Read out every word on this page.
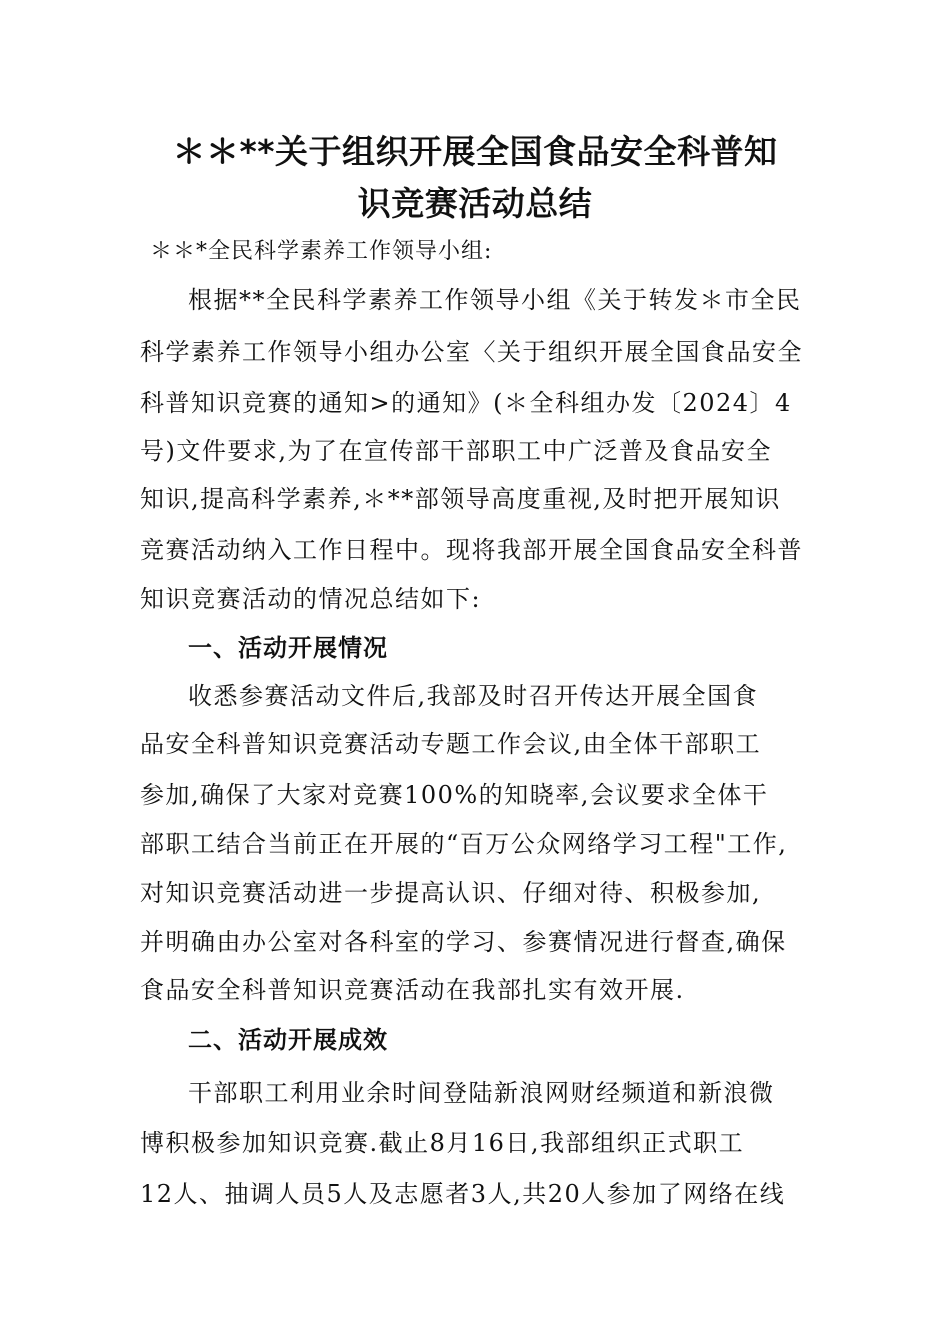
＊＊**关于组织开展全国食品安全科普知
识竞赛活动总结
＊＊*全民科学素养工作领导小组:
根据**全民科学素养工作领导小组《关于转发＊市全民
科学素养工作领导小组办公室〈关于组织开展全国食品安全
科普知识竞赛的通知>的通知》(＊全科组办发〔2024〕4
号)文件要求,为了在宣传部干部职工中广泛普及食品安全
知识,提高科学素养,＊**部领导高度重视,及时把开展知识
竞赛活动纳入工作日程中。现将我部开展全国食品安全科普
知识竞赛活动的情况总结如下:
一、活动开展情况
收悉参赛活动文件后,我部及时召开传达开展全国食
品安全科普知识竞赛活动专题工作会议,由全体干部职工
参加,确保了大家对竞赛100%的知晓率,会议要求全体干
部职工结合当前正在开展的“百万公众网络学习工程"工作,
对知识竞赛活动进一步提高认识、仔细对待、积极参加,
并明确由办公室对各科室的学习、参赛情况进行督查,确保
食品安全科普知识竞赛活动在我部扎实有效开展.
二、活动开展成效
干部职工利用业余时间登陆新浪网财经频道和新浪微
博积极参加知识竞赛.截止8月16日,我部组织正式职工
12人、抽调人员5人及志愿者3人,共20人参加了网络在线
